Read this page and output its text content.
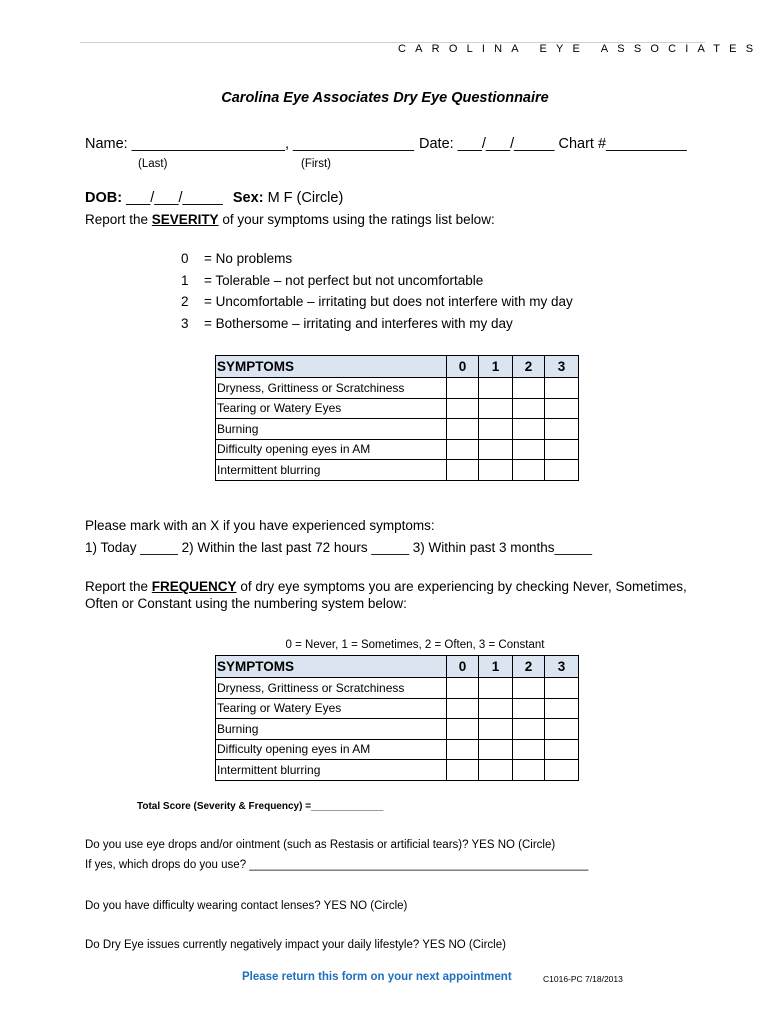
CAROLINA EYE ASSOCIATES
Carolina Eye Associates Dry Eye Questionnaire
Name: ___________________, _______________ Date: ___/___/_____ Chart #__________
(Last)	(First)
DOB: ___/___/_____ Sex: M F (Circle)
Report the SEVERITY of your symptoms using the ratings list below:
0 = No problems
1 = Tolerable – not perfect but not uncomfortable
2 = Uncomfortable – irritating but does not interfere with my day
3 = Bothersome – irritating and interferes with my day
SYMPTOMS	0	1	2	3
Dryness, Grittiness or Scratchiness				
Tearing or Watery Eyes				
Burning				
Difficulty opening eyes in AM				
Intermittent blurring				
Please mark with an X if you have experienced symptoms:
1) Today _____ 2) Within the last past 72 hours _____ 3) Within past 3 months_____
Report the FREQUENCY of dry eye symptoms you are experiencing by checking Never, Sometimes,
Often or Constant using the numbering system below:
0 = Never, 1 = Sometimes, 2 = Often, 3 = Constant
SYMPTOMS	0	1	2	3
Dryness, Grittiness or Scratchiness				
Tearing or Watery Eyes				
Burning				
Difficulty opening eyes in AM				
Intermittent blurring				
Total Score (Severity & Frequency) =_____________
Do you use eye drops and/or ointment (such as Restasis or artificial tears)? YES NO (Circle)
If yes, which drops do you use? _____________________________________________________
Do you have difficulty wearing contact lenses? YES NO (Circle)
Do Dry Eye issues currently negatively impact your daily lifestyle? YES NO (Circle)
Please return this form on your next appointment	C1016-PC 7/18/2013
